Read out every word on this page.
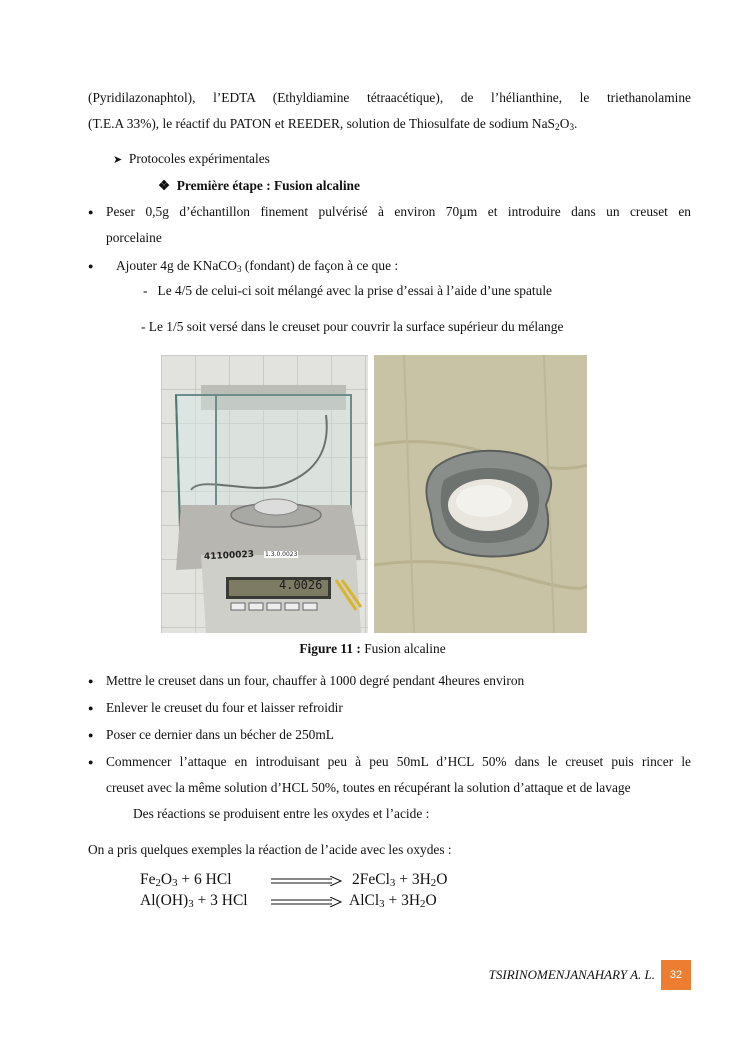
(Pyridilazonaphtol), l’EDTA (Ethyldiamine tétraacétique), de l’hélianthine, le triethanolamine
(T.E.A 33%), le réactif du PATON et REEDER, solution de Thiosulfate de sodium $NaS_2O_3$.
➤ Protocoles expérimentales
❖ Première étape : Fusion alcaline
● Peser 0,5g d’échantillon finement pulvérisé à environ 70µm et introduire dans un creuset en
porcelaine
● Ajouter 4g de KNaCO$_3$ (fondant) de façon à ce que :
-   Le 4/5 de celui-ci soit mélangé avec la prise d’essai à l’aide d’une spatule
- Le 1/5 soit versé dans le creuset pour couvrir la surface supérieur du mélange
41100023 1.3.0.0023
4.0026
Figure 11 : Fusion alcaline
● Mettre le creuset dans un four, chauffer à 1000 degré pendant 4heures environ
● Enlever le creuset du four et laisser refroidir
● Poser ce dernier dans un bécher de 250mL
● Commencer l’attaque en introduisant peu à peu 50mL d’HCL 50% dans le creuset puis rincer le
creuset avec la même solution d’HCL 50%, toutes en récupérant la solution d’attaque et de lavage
Des réactions se produisent entre les oxydes et l’acide :
On a pris quelques exemples la réaction de l’acide avec les oxydes :
$Fe_2O_3 + 6$ HCl	2FeCl$_3$ + $3H_2O$
$Al(OH)_3 + 3$ HCl	AlCl$_3$ + $3H_2O$
TSIRINOMENJANAHARY A. L.	32
